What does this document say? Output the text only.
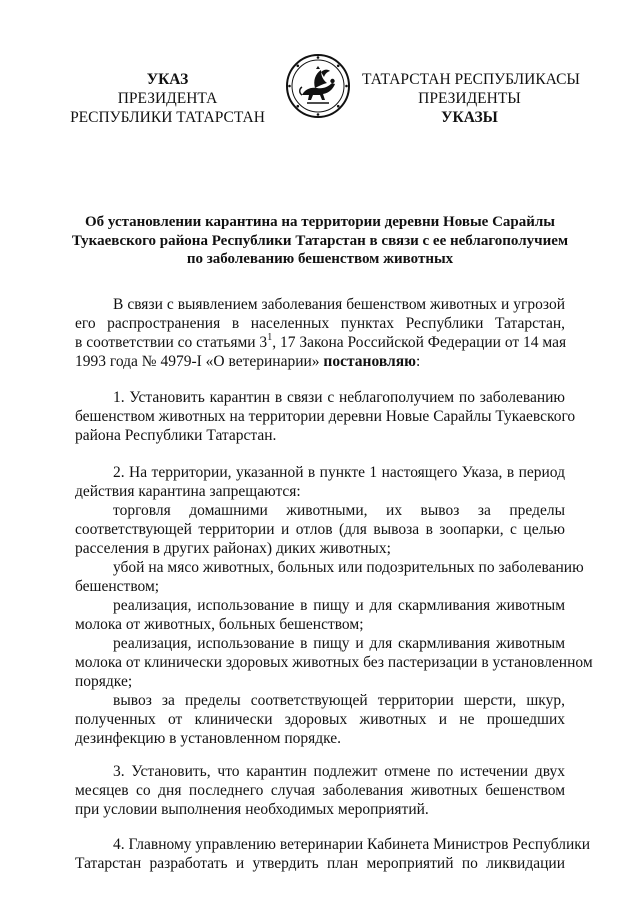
УКАЗ
ПРЕЗИДЕНТА
РЕСПУБЛИКИ ТАТАРСТАН
ТАТАРСТАН РЕСПУБЛИКАСЫ
ПРЕЗИДЕНТЫ
УКАЗЫ
Об установлении карантина на территории деревни Новые Сарайлы
Тукаевского района Республики Татарстан в связи с ее неблагополучием
по заболеванию бешенством животных
В связи с выявлением заболевания бешенством животных и угрозой
его распространения в населенных пунктах Республики Татарстан,
в соответствии со статьями $3^1$, 17 Закона Российской Федерации от 14 мая
1993 года № 4979-I «О ветеринарии» постановляю:
1. Установить карантин в связи с неблагополучием по заболеванию
бешенством животных на территории деревни Новые Сарайлы Тукаевского
района Республики Татарстан.
2. На территории, указанной в пункте 1 настоящего Указа, в период
действия карантина запрещаются:
торговля домашними животными, их вывоз за пределы
соответствующей территории и отлов (для вывоза в зоопарки, с целью
расселения в других районах) диких животных;
убой на мясо животных, больных или подозрительных по заболеванию
бешенством;
реализация, использование в пищу и для скармливания животным
молока от животных, больных бешенством;
реализация, использование в пищу и для скармливания животным
молока от клинически здоровых животных без пастеризации в установленном
порядке;
вывоз за пределы соответствующей территории шерсти, шкур,
полученных от клинически здоровых животных и не прошедших
дезинфекцию в установленном порядке.
3. Установить, что карантин подлежит отмене по истечении двух
месяцев со дня последнего случая заболевания животных бешенством
при условии выполнения необходимых мероприятий.
4. Главному управлению ветеринарии Кабинета Министров Республики
Татарстан разработать и утвердить план мероприятий по ликвидации
